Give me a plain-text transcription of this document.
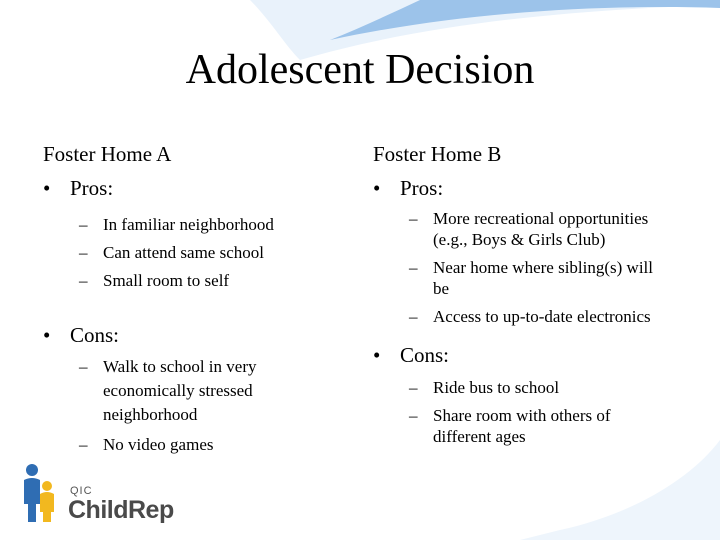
Adolescent Decision

Foster Home A

• Pros:
– In familiar neighborhood
– Can attend same school
– Small room to self
• Cons:
– Walk to school in very economically stressed neighborhood
– No video games

Foster Home B

• Pros:
– More recreational opportunities (e.g., Boys & Girls Club)
– Near home where sibling(s) will be
– Access to up-to-date electronics
• Cons:
– Ride bus to school
– Share room with others of different ages
QIC
ChildRep
